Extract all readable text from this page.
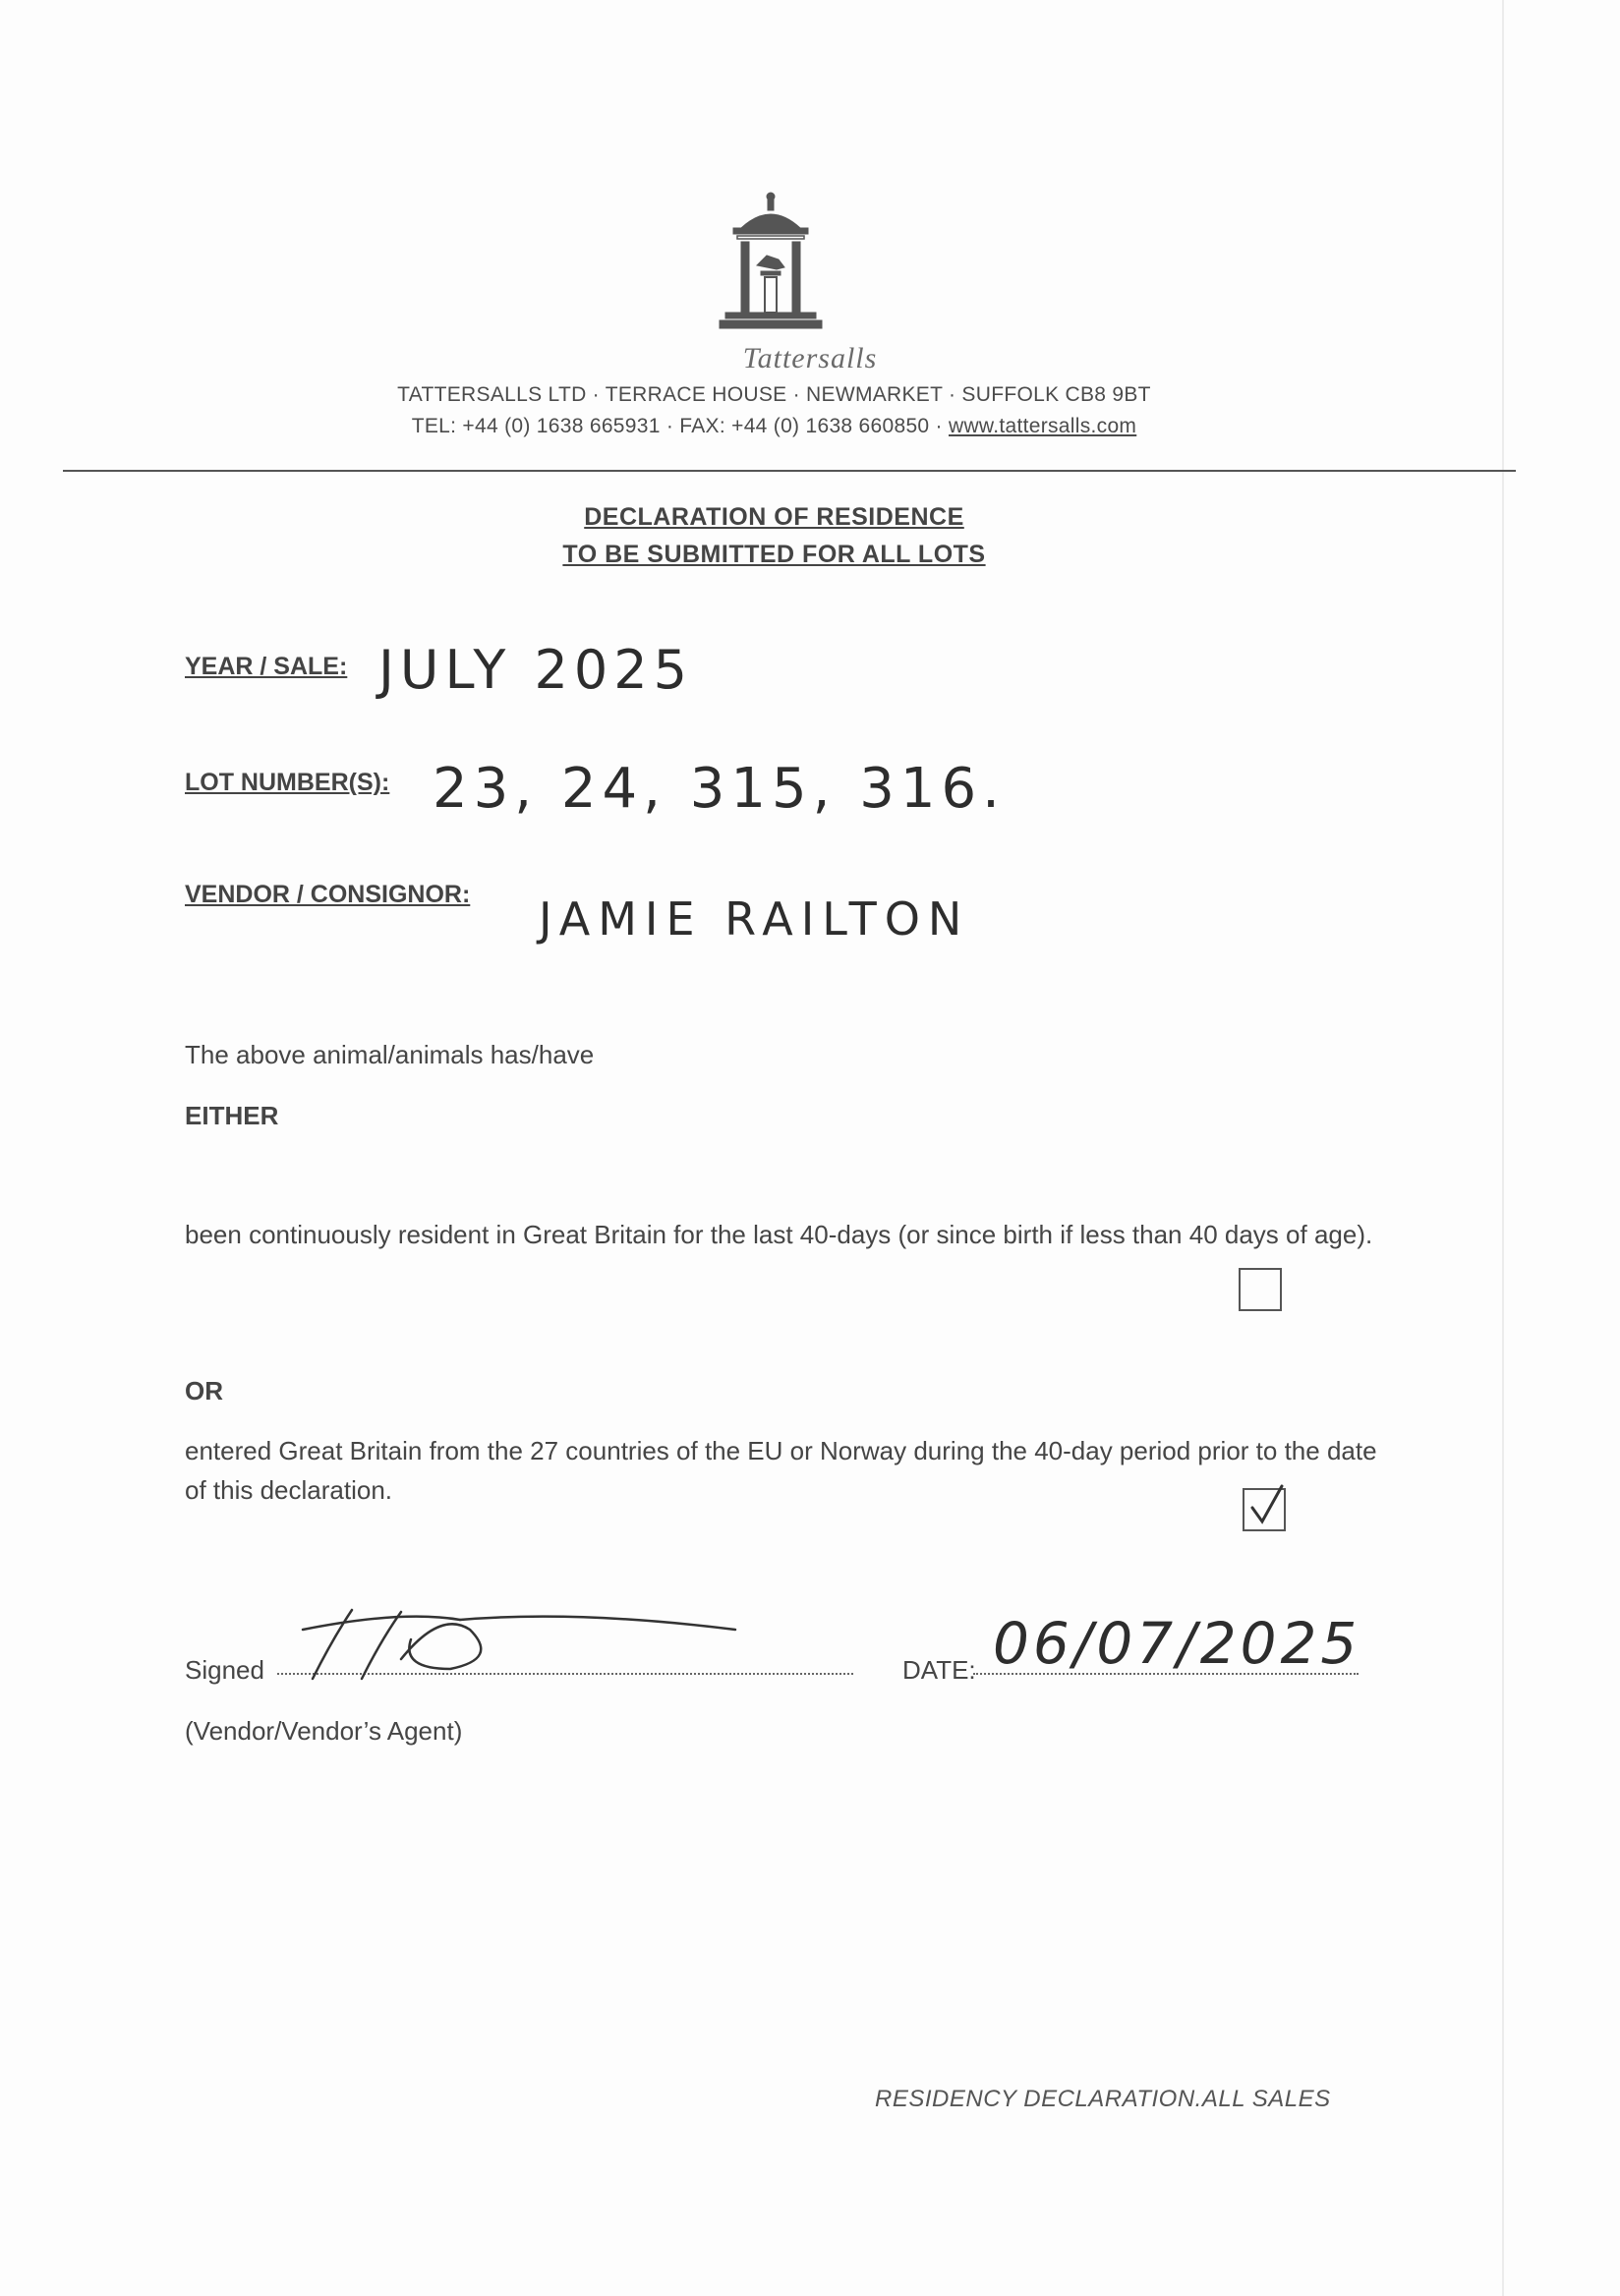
Tattersalls
TATTERSALLS LTD · TERRACE HOUSE · NEWMARKET · SUFFOLK CB8 9BT
TEL: +44 (0) 1638 665931 · FAX: +44 (0) 1638 660850 · www.tattersalls.com
DECLARATION OF RESIDENCE
TO BE SUBMITTED FOR ALL LOTS
YEAR / SALE: JULY 2025
LOT NUMBER(S): 23, 24, 315, 316.
VENDOR / CONSIGNOR: JAMIE RAILTON
The above animal/animals has/have
EITHER
been continuously resident in Great Britain for the last 40-days (or since birth if less than 40 days of age).
OR
entered Great Britain from the 27 countries of the EU or Norway during the 40-day period prior to the date of this declaration.
Signed	DATE: 06/07/2025
(Vendor/Vendor’s Agent)
RESIDENCY DECLARATION.ALL SALES
